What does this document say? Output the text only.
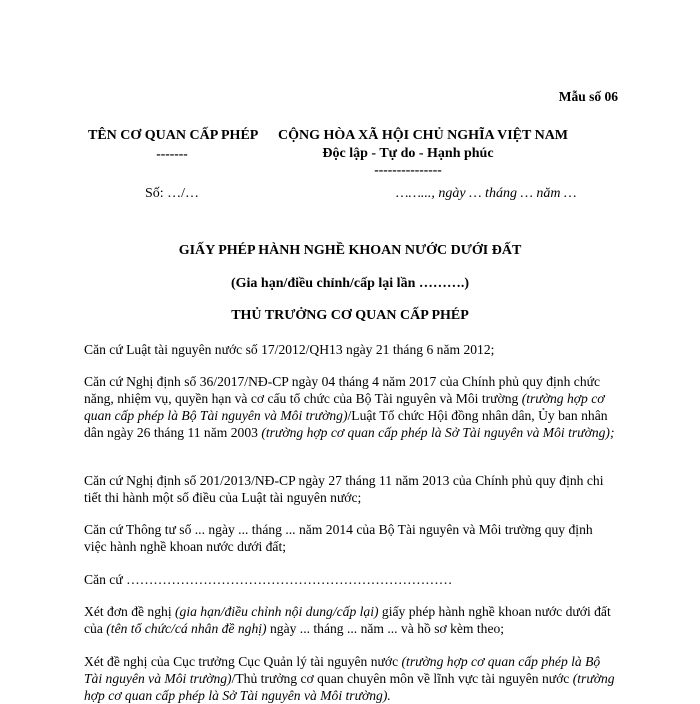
Mẫu số 06
TÊN CƠ QUAN CẤP PHÉP
-------
Số: …/…
CỘNG HÒA XÃ HỘI CHỦ NGHĨA VIỆT NAM
Độc lập - Tự do - Hạnh phúc
---------------
……..., ngày … tháng … năm …
GIẤY PHÉP HÀNH NGHỀ KHOAN NƯỚC DƯỚI ĐẤT
(Gia hạn/điều chỉnh/cấp lại lần ……….)
THỦ TRƯỞNG CƠ QUAN CẤP PHÉP

Căn cứ Luật tài nguyên nước số 17/2012/QH13 ngày 21 tháng 6 năm 2012;

Căn cứ Nghị định số 36/2017/NĐ-CP ngày 04 tháng 4 năm 2017 của Chính phủ quy định chức năng, nhiệm vụ, quyền hạn và cơ cấu tổ chức của Bộ Tài nguyên và Môi trường (trường hợp cơ quan cấp phép là Bộ Tài nguyên và Môi trường)/Luật Tổ chức Hội đồng nhân dân, Ủy ban nhân dân ngày 26 tháng 11 năm 2003 (trường hợp cơ quan cấp phép là Sở Tài nguyên và Môi trường);

Căn cứ Nghị định số 201/2013/NĐ-CP ngày 27 tháng 11 năm 2013 của Chính phủ quy định chi tiết thi hành một số điều của Luật tài nguyên nước;

Căn cứ Thông tư số ... ngày ... tháng ... năm 2014 của Bộ Tài nguyên và Môi trường quy định việc hành nghề khoan nước dưới đất;

Căn cứ ………………………………………………………………

Xét đơn đề nghị (gia hạn/điều chỉnh nội dung/cấp lại) giấy phép hành nghề khoan nước dưới đất của (tên tổ chức/cá nhân đề nghị) ngày ... tháng ... năm ... và hồ sơ kèm theo;

Xét đề nghị của Cục trưởng Cục Quản lý tài nguyên nước (trường hợp cơ quan cấp phép là Bộ Tài nguyên và Môi trường)/Thủ trưởng cơ quan chuyên môn về lĩnh vực tài nguyên nước (trường hợp cơ quan cấp phép là Sở Tài nguyên và Môi trường).
